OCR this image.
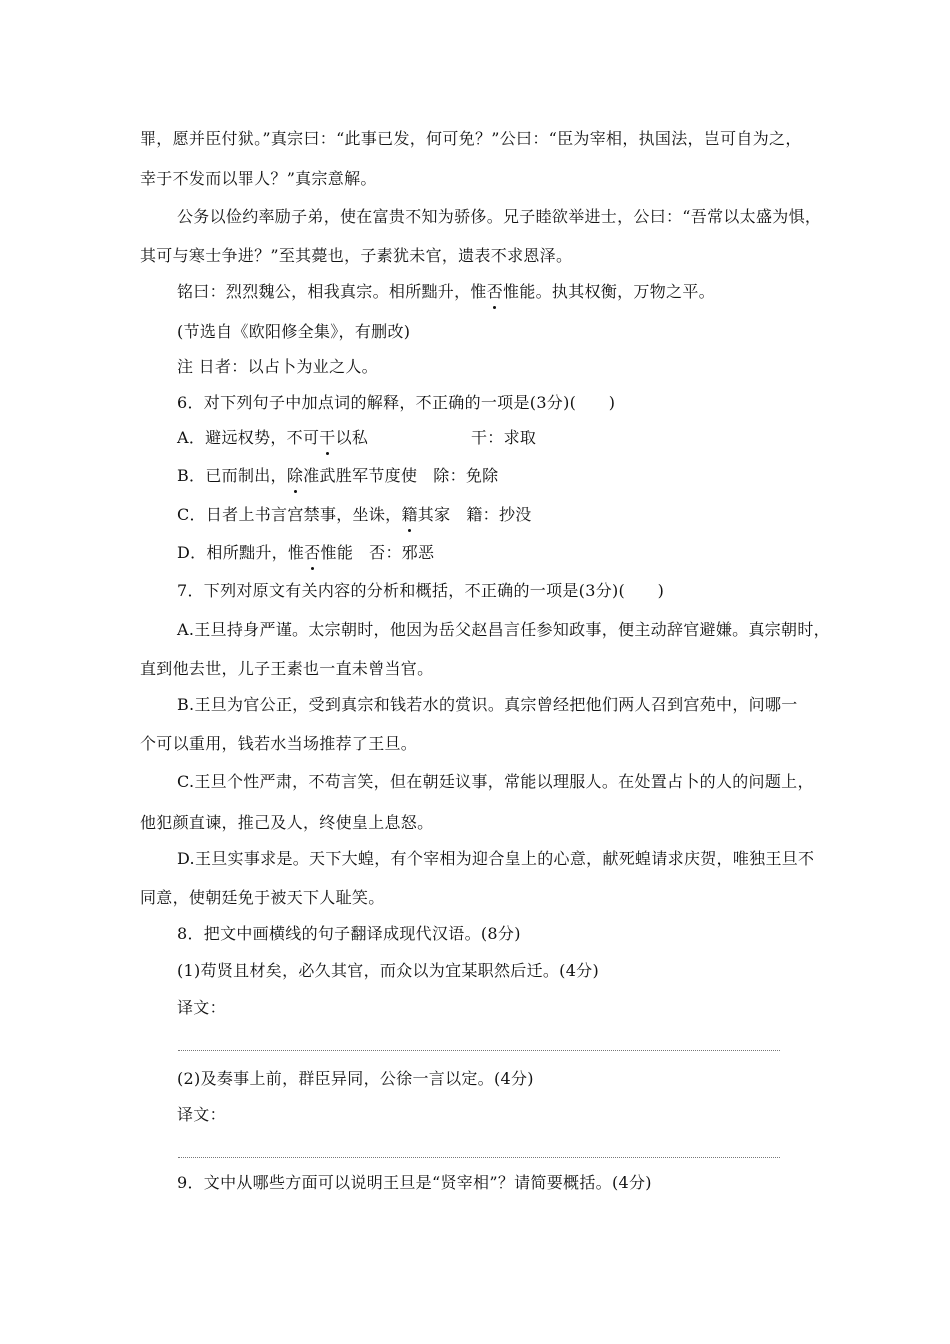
罪，愿并臣付狱。”真宗曰：“此事已发，何可免？”公曰：“臣为宰相，执国法，岂可自为之，
幸于不发而以罪人？”真宗意解。
公务以俭约率励子弟，使在富贵不知为骄侈。兄子睦欲举进士，公曰：“吾常以太盛为惧，
其可与寒士争进？”至其薨也，子素犹未官，遗表不求恩泽。
铭曰：烈烈魏公，相我真宗。相所黜升，惟否惟能。执其权衡，万物之平。
(节选自《欧阳修全集》，有删改)
注 日者：以占卜为业之人。
6．对下列句子中加点词的解释，不正确的一项是(3分)(　　)
A．避远权势，不可干以私	干：求取
B．已而制出，除准武胜军节度使 除：免除
C．日者上书言宫禁事，坐诛，籍其家 籍：抄没
D．相所黜升，惟否惟能 否：邪恶
7．下列对原文有关内容的分析和概括，不正确的一项是(3分)(　　)
A.王旦持身严谨。太宗朝时，他因为岳父赵昌言任参知政事，便主动辞官避嫌。真宗朝时，
直到他去世，儿子王素也一直未曾当官。
B.王旦为官公正，受到真宗和钱若水的赏识。真宗曾经把他们两人召到宫苑中，问哪一
个可以重用，钱若水当场推荐了王旦。
C.王旦个性严肃，不苟言笑，但在朝廷议事，常能以理服人。在处置占卜的人的问题上，
他犯颜直谏，推己及人，终使皇上息怒。
D.王旦实事求是。天下大蝗，有个宰相为迎合皇上的心意，献死蝗请求庆贺，唯独王旦不
同意，使朝廷免于被天下人耻笑。
8．把文中画横线的句子翻译成现代汉语。(8分)
(1)苟贤且材矣，必久其官，而众以为宜某职然后迁。(4分)
译文：
(2)及奏事上前，群臣异同，公徐一言以定。(4分)
译文：
9．文中从哪些方面可以说明王旦是“贤宰相”？请简要概括。(4分)
